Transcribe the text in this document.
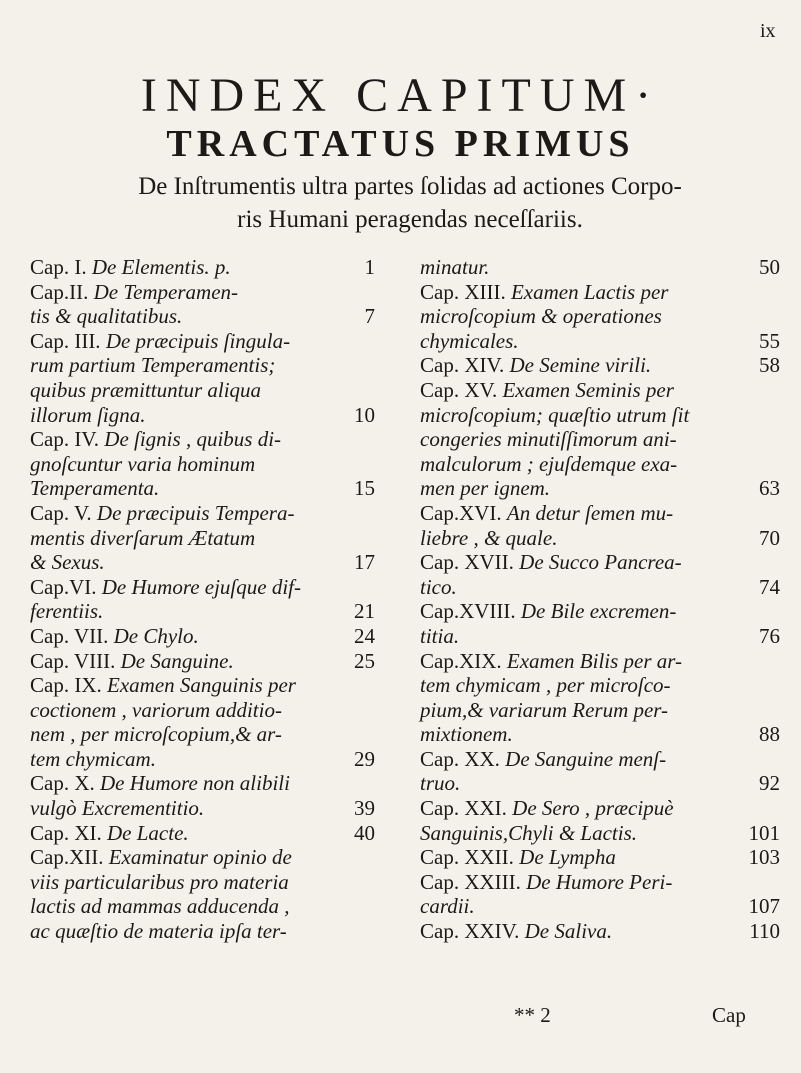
ix
INDEX CAPITUM·
TRACTATUS PRIMUS

De Inſtrumentis ultra partes ſolidas ad actiones Corpo‑
ris Humani peragendas neceſſariis.

Cap. I. De Elementis. p.	1
Cap.II. De Temperamen-
tis & qualitatibus.	7
Cap. III. De præcipuis ſingula-
rum partium Temperamentis;
quibus præmittuntur aliqua
illorum ſigna.	10
Cap. IV. De ſignis , quibus di-
gnoſcuntur varia hominum
Temperamenta.	15
Cap. V. De præcipuis Tempera-
mentis diverſarum Ætatum
& Sexus.	17
Cap.VI. De Humore ejuſque dif-
ferentiis.	21
Cap. VII. De Chylo.	24
Cap. VIII. De Sanguine.	25
Cap. IX. Examen Sanguinis per
coctionem , variorum additio-
nem , per microſcopium,& ar-
tem chymicam.	29
Cap. X. De Humore non alibili
vulgò Excrementitio.	39
Cap. XI. De Lacte.	40
Cap.XII. Examinatur opinio de
viis particularibus pro materia
lactis ad mammas adducenda ,
ac quæſtio de materia ipſa ter-
minatur.	50
Cap. XIII. Examen Lactis per
microſcopium & operationes
chymicales.	55
Cap. XIV. De Semine virili.	58
Cap. XV. Examen Seminis per
microſcopium; quæſtio utrum ſit
congeries minutiſſimorum ani-
malculorum ; ejuſdemque exa-
men per ignem.	63
Cap.XVI. An detur ſemen mu-
liebre , & quale.	70
Cap. XVII. De Succo Pancrea-
tico.	74
Cap.XVIII. De Bile excremen-
titia.	76
Cap.XIX. Examen Bilis per ar-
tem chymicam , per microſco-
pium,& variarum Rerum per-
mixtionem.	88
Cap. XX. De Sanguine menſ-
truo.	92
Cap. XXI. De Sero , præcipuè
Sanguinis,Chyli & Lactis.	101
Cap. XXII. De Lympha	103
Cap. XXIII. De Humore Peri-
cardii.	107
Cap. XXIV. De Saliva.	110
** 2	Cap
